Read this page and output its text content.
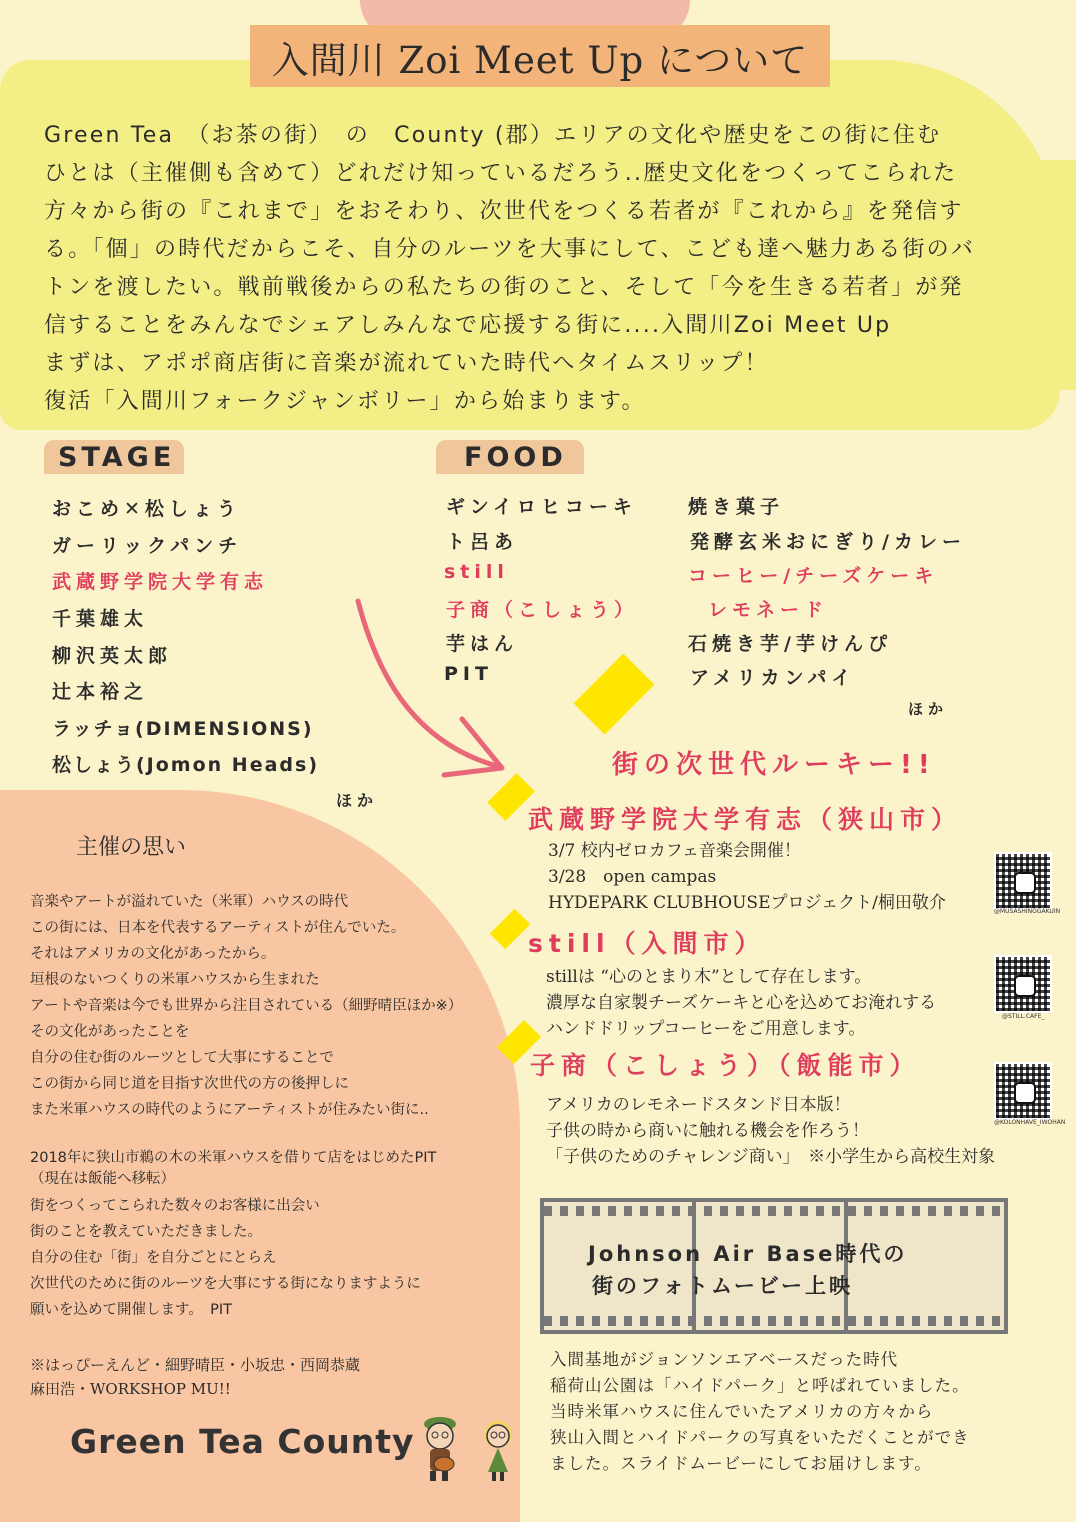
入間川 Zoi Meet Up について
Green Tea　（お茶の街）　の　County (郡）エリアの文化や歴史をこの街に住む
ひとは（主催側も含めて）どれだけ知っているだろう..歴史文化をつくってこられた
方々から街の『これまで」をおそわり、次世代をつくる若者が『これから』を発信す
る。「個」の時代だからこそ、自分のルーツを大事にして、こども達へ魅力ある街のバ
トンを渡したい。戦前戦後からの私たちの街のこと、そして「今を生きる若者」が発
信することをみんなでシェアしみんなで応援する街に....入間川Zoi Meet Up
まずは、アポポ商店街に音楽が流れていた時代へタイムスリップ！
復活「入間川フォークジャンボリー」から始まります。
STAGE
おこめ✕松しょう
ガーリックパンチ
武蔵野学院大学有志
千葉雄太
柳沢英太郎
辻本裕之
ラッチョ(DIMENSIONS)
松しょう(Jomon Heads)
ほか
FOOD
ギンイロヒコーキ
ト呂あ
still
子商（こしょう）
芋はん
PIT
焼き菓子
発酵玄米おにぎり/カレー
コーヒー/チーズケーキ
レモネード
石焼き芋/芋けんぴ
アメリカンパイ
ほか
街の次世代ルーキー!!
武蔵野学院大学有志（狭山市）
3/7 校内ゼロカフェ音楽会開催！
3/28　open campas
HYDEPARK CLUBHOUSEプロジェクト/桐田敬介
still（入間市）
stillは “心のとまり木”として存在します。
濃厚な自家製チーズケーキと心を込めてお淹れする
ハンドドリップコーヒーをご用意します。
子商（こしょう）（飯能市）
アメリカのレモネードスタンド日本版！
子供の時から商いに触れる機会を作ろう！
「子供のためのチャレンジ商い」　※小学生から高校生対象
@MUSASHINOGAKUIN
@STILL.CAFE_
@KOLONHAVE_IWOHAN
主催の思い
音楽やアートが溢れていた（米軍）ハウスの時代
この街には、日本を代表するアーティストが住んでいた。
それはアメリカの文化があったから。
垣根のないつくりの米軍ハウスから生まれた
アートや音楽は今でも世界から注目されている（細野晴臣ほか※）
その文化があったことを
自分の住む街のルーツとして大事にすることで
この街から同じ道を目指す次世代の方の後押しに
また米軍ハウスの時代のようにアーティストが住みたい街に..
2018年に狭山市鵜の木の米軍ハウスを借りて店をはじめたPIT
（現在は飯能へ移転）
街をつくってこられた数々のお客様に出会い
街のことを教えていただきました。
自分の住む「街」を自分ごとにとらえ
次世代のために街のルーツを大事にする街になりますように
願いを込めて開催します。　PIT
※はっぴーえんど・細野晴臣・小坂忠・西岡恭蔵
麻田浩・WORKSHOP MU!!
Green Tea County
Johnson Air Base時代の
街のフォトムービー上映
入間基地がジョンソンエアベースだった時代
稲荷山公園は「ハイドパーク」と呼ばれていました。
当時米軍ハウスに住んでいたアメリカの方々から
狭山入間とハイドパークの写真をいただくことができ
ました。スライドムービーにしてお届けします。
